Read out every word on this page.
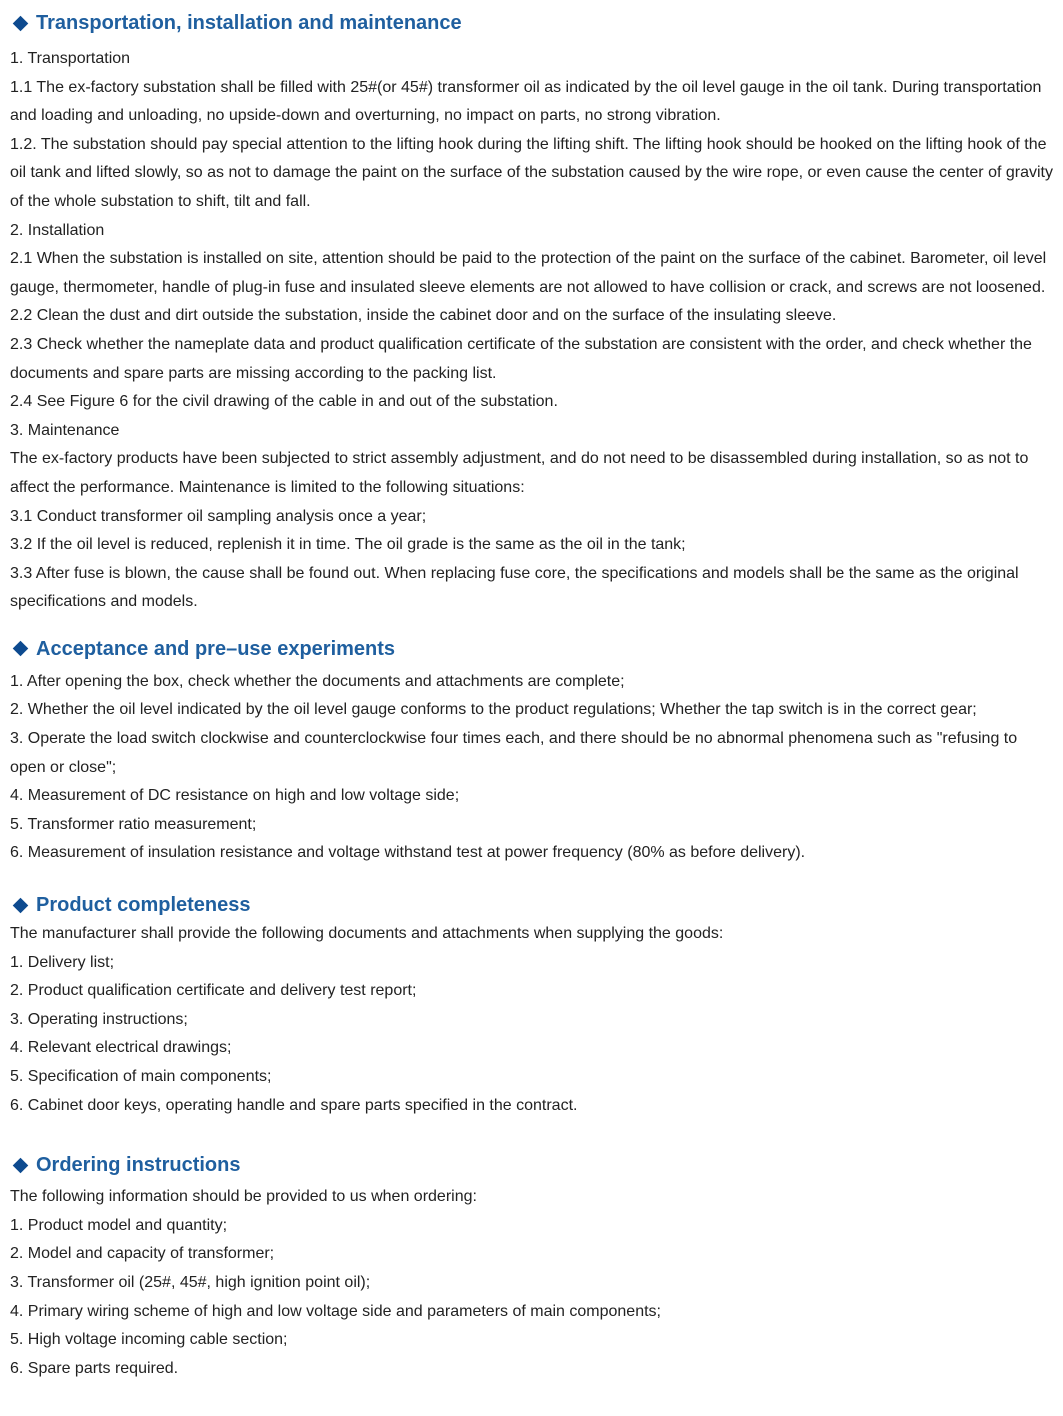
Transportation, installation and maintenance

1. Transportation

1.1 The ex-factory substation shall be filled with 25#(or 45#) transformer oil as indicated by the oil level gauge in the oil tank. During transportation and loading and unloading, no upside-down and overturning, no impact on parts, no strong vibration.

1.2. The substation should pay special attention to the lifting hook during the lifting shift. The lifting hook should be hooked on the lifting hook of the oil tank and lifted slowly, so as not to damage the paint on the surface of the substation caused by the wire rope, or even cause the center of gravity of the whole substation to shift, tilt and fall.

2. Installation

2.1 When the substation is installed on site, attention should be paid to the protection of the paint on the surface of the cabinet. Barometer, oil level gauge, thermometer, handle of plug-in fuse and insulated sleeve elements are not allowed to have collision or crack, and screws are not loosened.

2.2 Clean the dust and dirt outside the substation, inside the cabinet door and on the surface of the insulating sleeve.

2.3 Check whether the nameplate data and product qualification certificate of the substation are consistent with the order, and check whether the documents and spare parts are missing according to the packing list.

2.4 See Figure 6 for the civil drawing of the cable in and out of the substation.

3. Maintenance

The ex-factory products have been subjected to strict assembly adjustment, and do not need to be disassembled during installation, so as not to affect the performance. Maintenance is limited to the following situations:

3.1 Conduct transformer oil sampling analysis once a year;

3.2 If the oil level is reduced, replenish it in time. The oil grade is the same as the oil in the tank;

3.3 After fuse is blown, the cause shall be found out. When replacing fuse core, the specifications and models shall be the same as the original specifications and models.

Acceptance and pre–use experiments

1. After opening the box, check whether the documents and attachments are complete;

2. Whether the oil level indicated by the oil level gauge conforms to the product regulations; Whether the tap switch is in the correct gear;

3. Operate the load switch clockwise and counterclockwise four times each, and there should be no abnormal phenomena such as "refusing to open or close";

4. Measurement of DC resistance on high and low voltage side;

5. Transformer ratio measurement;

6. Measurement of insulation resistance and voltage withstand test at power frequency (80% as before delivery).

Product completeness

The manufacturer shall provide the following documents and attachments when supplying the goods:

1. Delivery list;

2. Product qualification certificate and delivery test report;

3. Operating instructions;

4. Relevant electrical drawings;

5. Specification of main components;

6. Cabinet door keys, operating handle and spare parts specified in the contract.

Ordering instructions

The following information should be provided to us when ordering:

1. Product model and quantity;

2. Model and capacity of transformer;

3. Transformer oil (25#, 45#, high ignition point oil);

4. Primary wiring scheme of high and low voltage side and parameters of main components;

5. High voltage incoming cable section;

6. Spare parts required.
